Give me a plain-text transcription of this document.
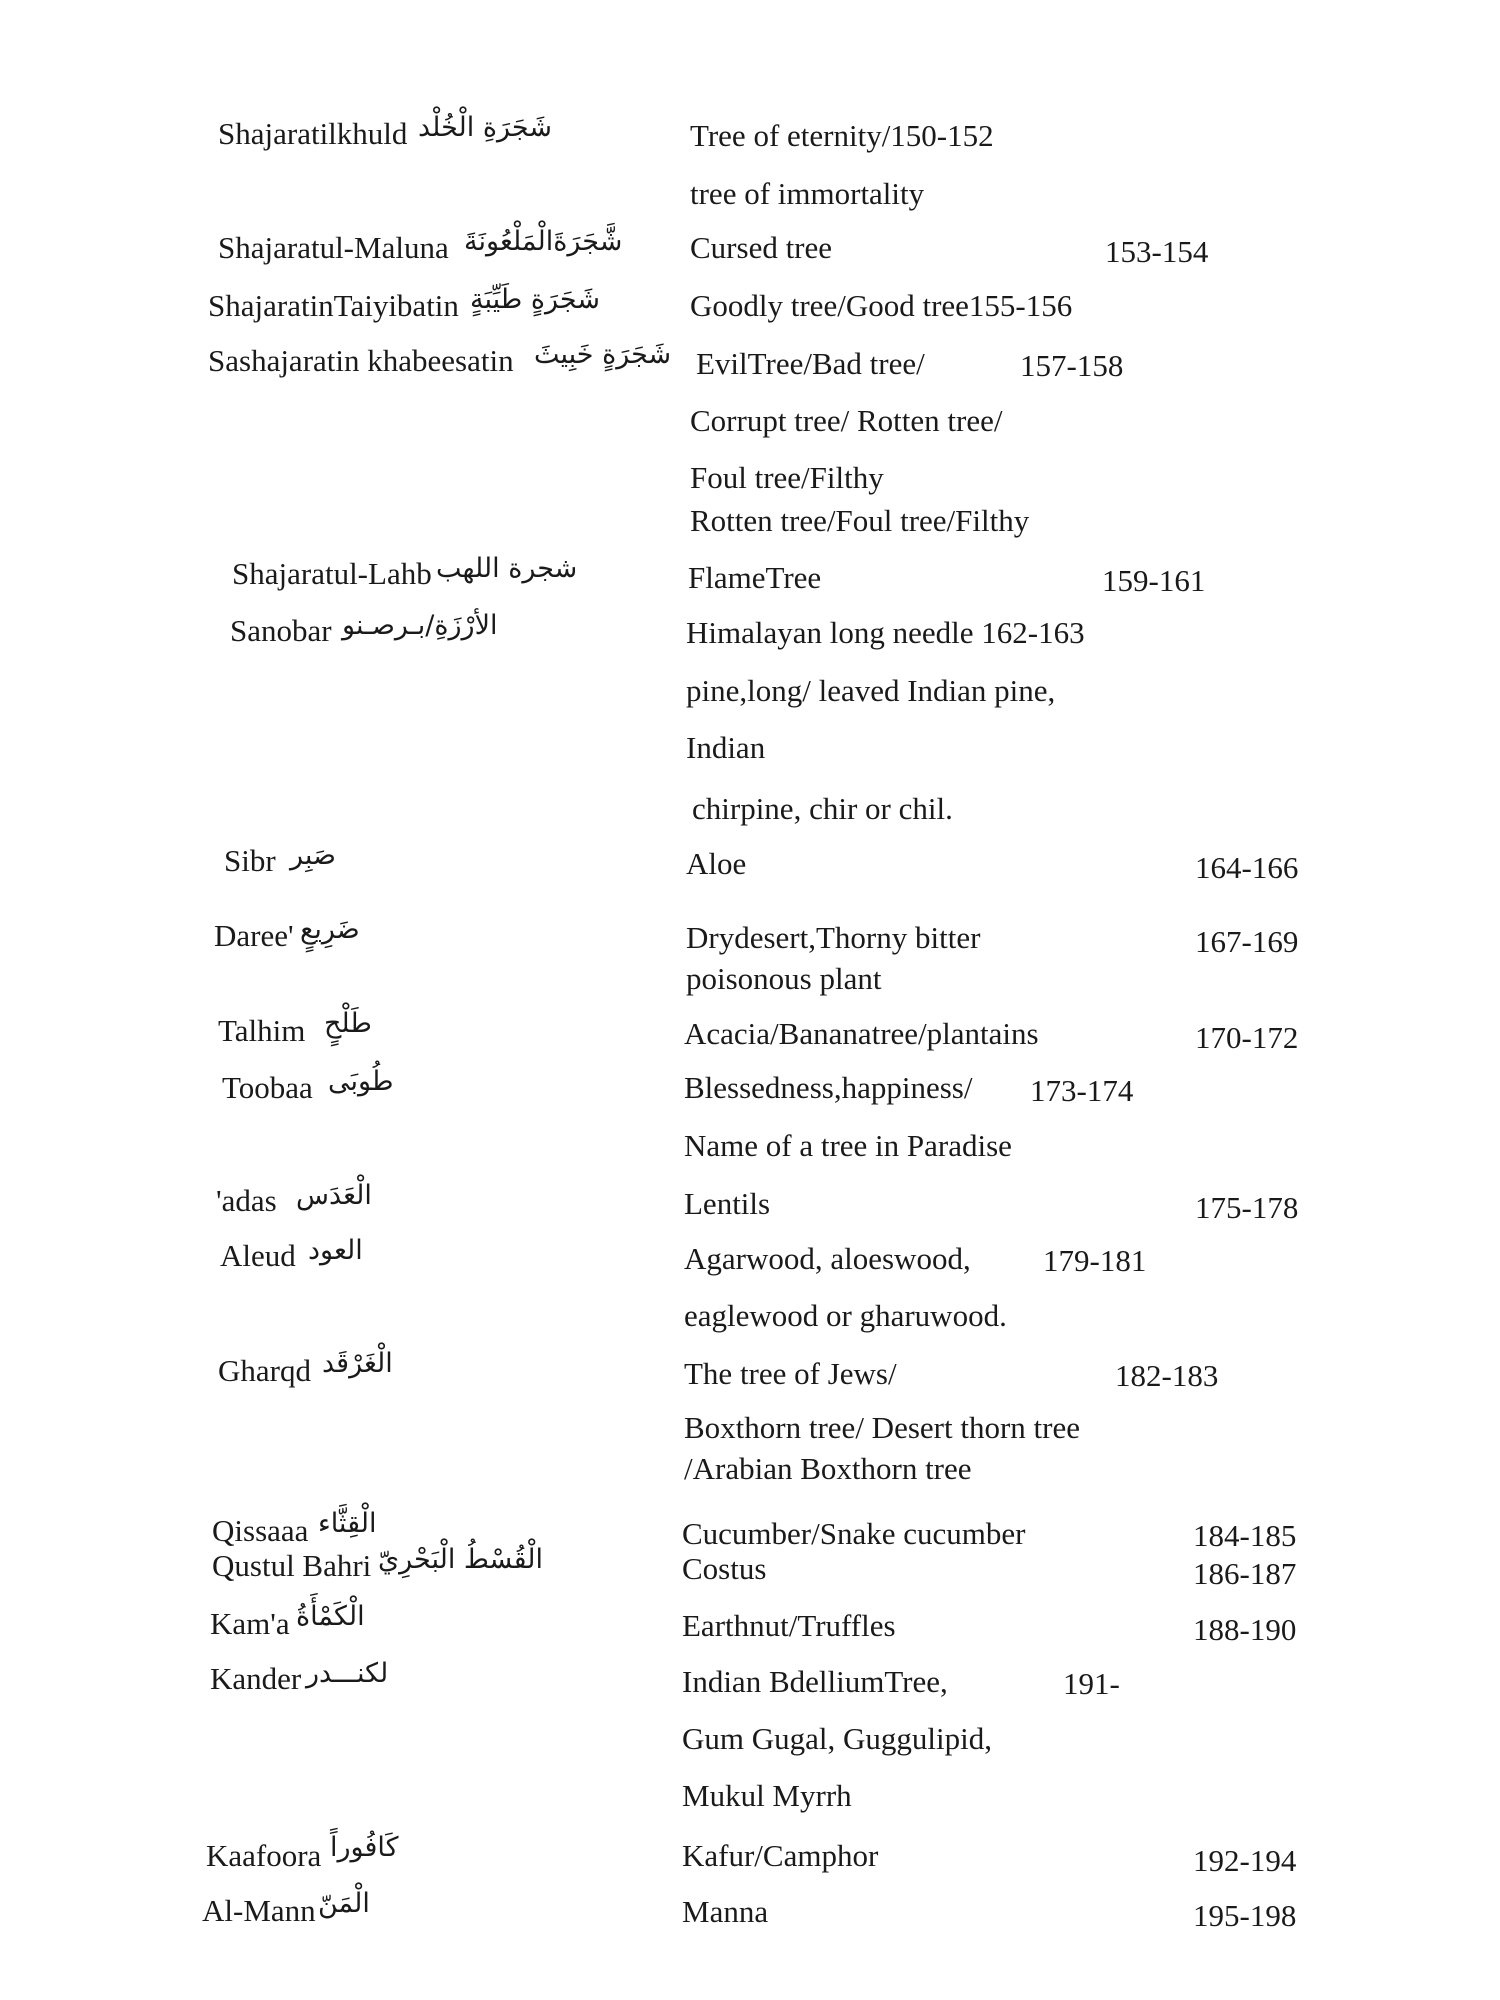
Shajaratilkhuld شَجَرَةِ الْخُلْد	Tree of eternity/150-152
tree of immortality
Shajaratul-Maluna شَّجَرَةَالْمَلْعُونَةَ Cursed tree	153-154
ShajaratinTaiyibatin شَجَرَةٍ طَيِّبَةٍ	Goodly tree/Good tree155-156
Sashajaratin khabeesatin شَجَرَةٍ خَبِيثَ EvilTree/Bad tree/	157-158
Corrupt tree/ Rotten tree/
Foul tree/Filthy
Rotten tree/Foul tree/Filthy
Shajaratul-Lahb شجرة اللهب	FlameTree	159-161
Sanobar الأرْزَةِ/بـرصـنو	Himalayan long needle 162-163
pine,long/ leaved Indian pine,
Indian
chirpine, chir or chil.
Sibr صَبِر	Aloe	164-166
Daree' ضَرِيعٍ	Drydesert,Thorny bitter
poisonous plant
167-169
Talhim طَلْحٍ	Acacia/Bananatree/plantains	170-172
Toobaa طُوبَى	Blessedness,happiness/ 173-174
Name of a tree in Paradise
'adas الْعَدَس	Lentils	175-178
Aleud العود	Agarwood, aloeswood, 179-181
eaglewood or gharuwood.
Gharqd الْغَرْقَد	The tree of Jews/	182-183
Boxthorn tree/ Desert thorn tree
/Arabian Boxthorn tree
Qissaaa الْقِثَّاء	Cucumber/Snake cucumber	184-185
Qustul Bahri الْقُسْطُ الْبَحْرِيّ	Costus	186-187
Kam'a الْكَمْأَةُ	Earthnut/Truffles	188-190
Kander لكنـــدر	Indian BdelliumTree,	191-
Gum Gugal, Guggulipid,
Mukul Myrrh
Kaafoora كَافُوراً	Kafur/Camphor	192-194
Al-Mann الْمَنّ	Manna	195-198
